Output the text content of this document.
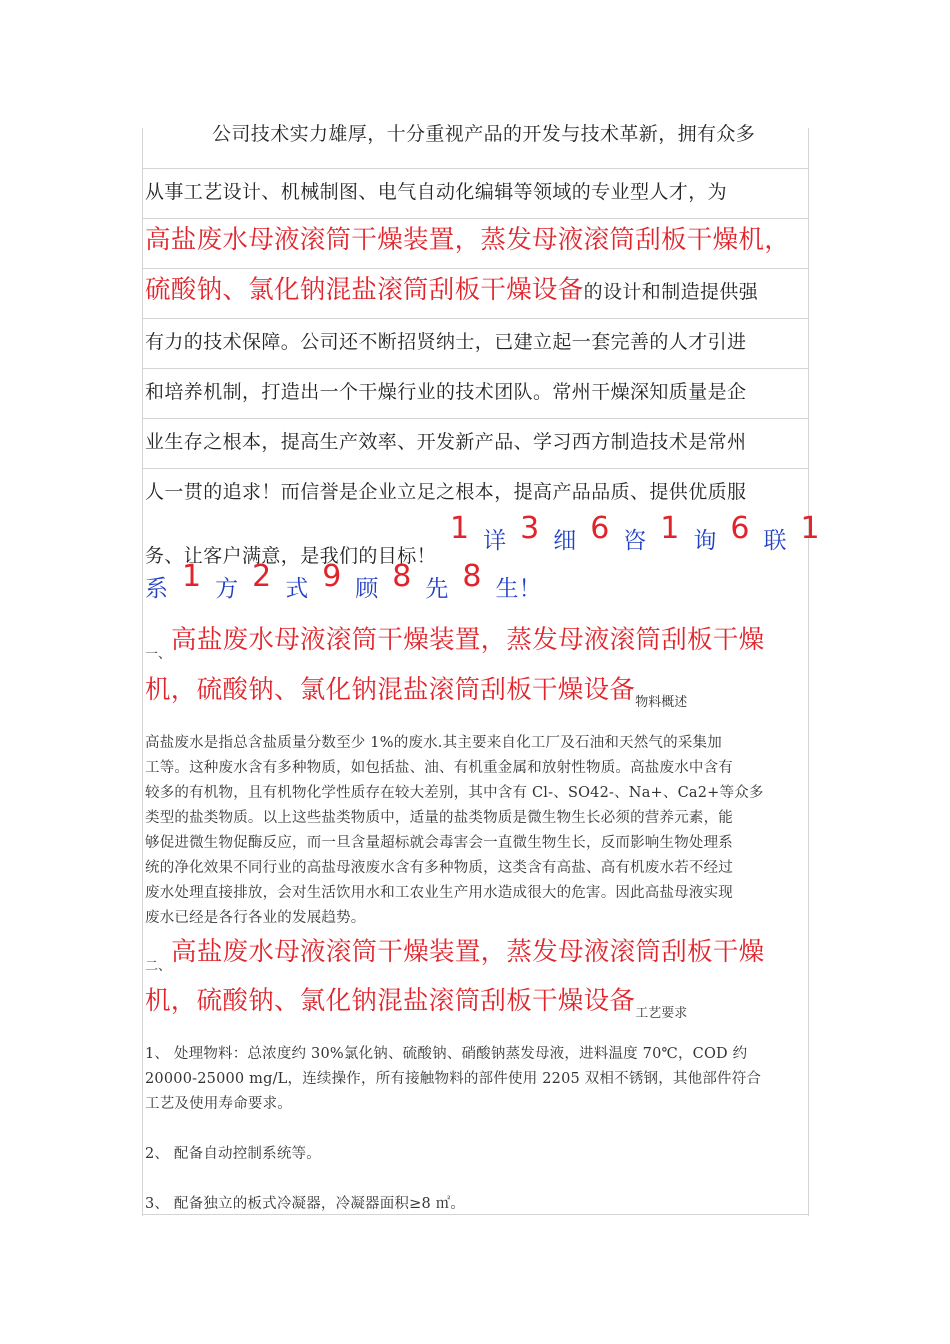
公司技术实力雄厚，十分重视产品的开发与技术革新，拥有众多
从事工艺设计、机械制图、电气自动化编辑等领域的专业型人才，为
高盐废水母液滚筒干燥装置，蒸发母液滚筒刮板干燥机，
硫酸钠、氯化钠混盐滚筒刮板干燥设备的设计和制造提供强
有力的技术保障。公司还不断招贤纳士，已建立起一套完善的人才引进
和培养机制，打造出一个干燥行业的技术团队。常州干燥深知质量是企
业生存之根本，提高生产效率、开发新产品、学习西方制造技术是常州
人一贯的追求！而信誉是企业立足之根本，提高产品品质、提供优质服
务、让客户满意，是我们的目标！1 详 3 细 6 咨 1 询 6 联 1
系 1 方 2 式 9 顾 8 先 8 生！
$_{一、}$高盐废水母液滚筒干燥装置，蒸发母液滚筒刮板干燥
机，硫酸钠、氯化钠混盐滚筒刮板干燥设备$_{物料概述}$
高盐废水是指总含盐质量分数至少 1%的废水.其主要来自化工厂及石油和天然气的采集加
工等。这种废水含有多种物质，如包括盐、油、有机重金属和放射性物质。高盐废水中含有
较多的有机物，且有机物化学性质存在较大差别，其中含有 Cl-、SO42-、Na+、Ca2+等众多
类型的盐类物质。以上这些盐类物质中，适量的盐类物质是微生物生长必须的营养元素，能
够促进微生物促酶反应，而一旦含量超标就会毒害会一直微生物生长，反而影响生物处理系
统的净化效果不同行业的高盐母液废水含有多种物质，这类含有高盐、高有机废水若不经过
废水处理直接排放，会对生活饮用水和工农业生产用水造成很大的危害。因此高盐母液实现
废水已经是各行各业的发展趋势。
$_{二、}$高盐废水母液滚筒干燥装置，蒸发母液滚筒刮板干燥
机，硫酸钠、氯化钠混盐滚筒刮板干燥设备$_{工艺要求}$
1、 处理物料：总浓度约 30%氯化钠、硫酸钠、硝酸钠蒸发母液，进料温度 70℃，COD 约
20000-25000 mg/L，连续操作，所有接触物料的部件使用 2205 双相不锈钢，其他部件符合
工艺及使用寿命要求。
2、 配备自动控制系统等。
3、 配备独立的板式冷凝器，冷凝器面积≥8 ㎡。
